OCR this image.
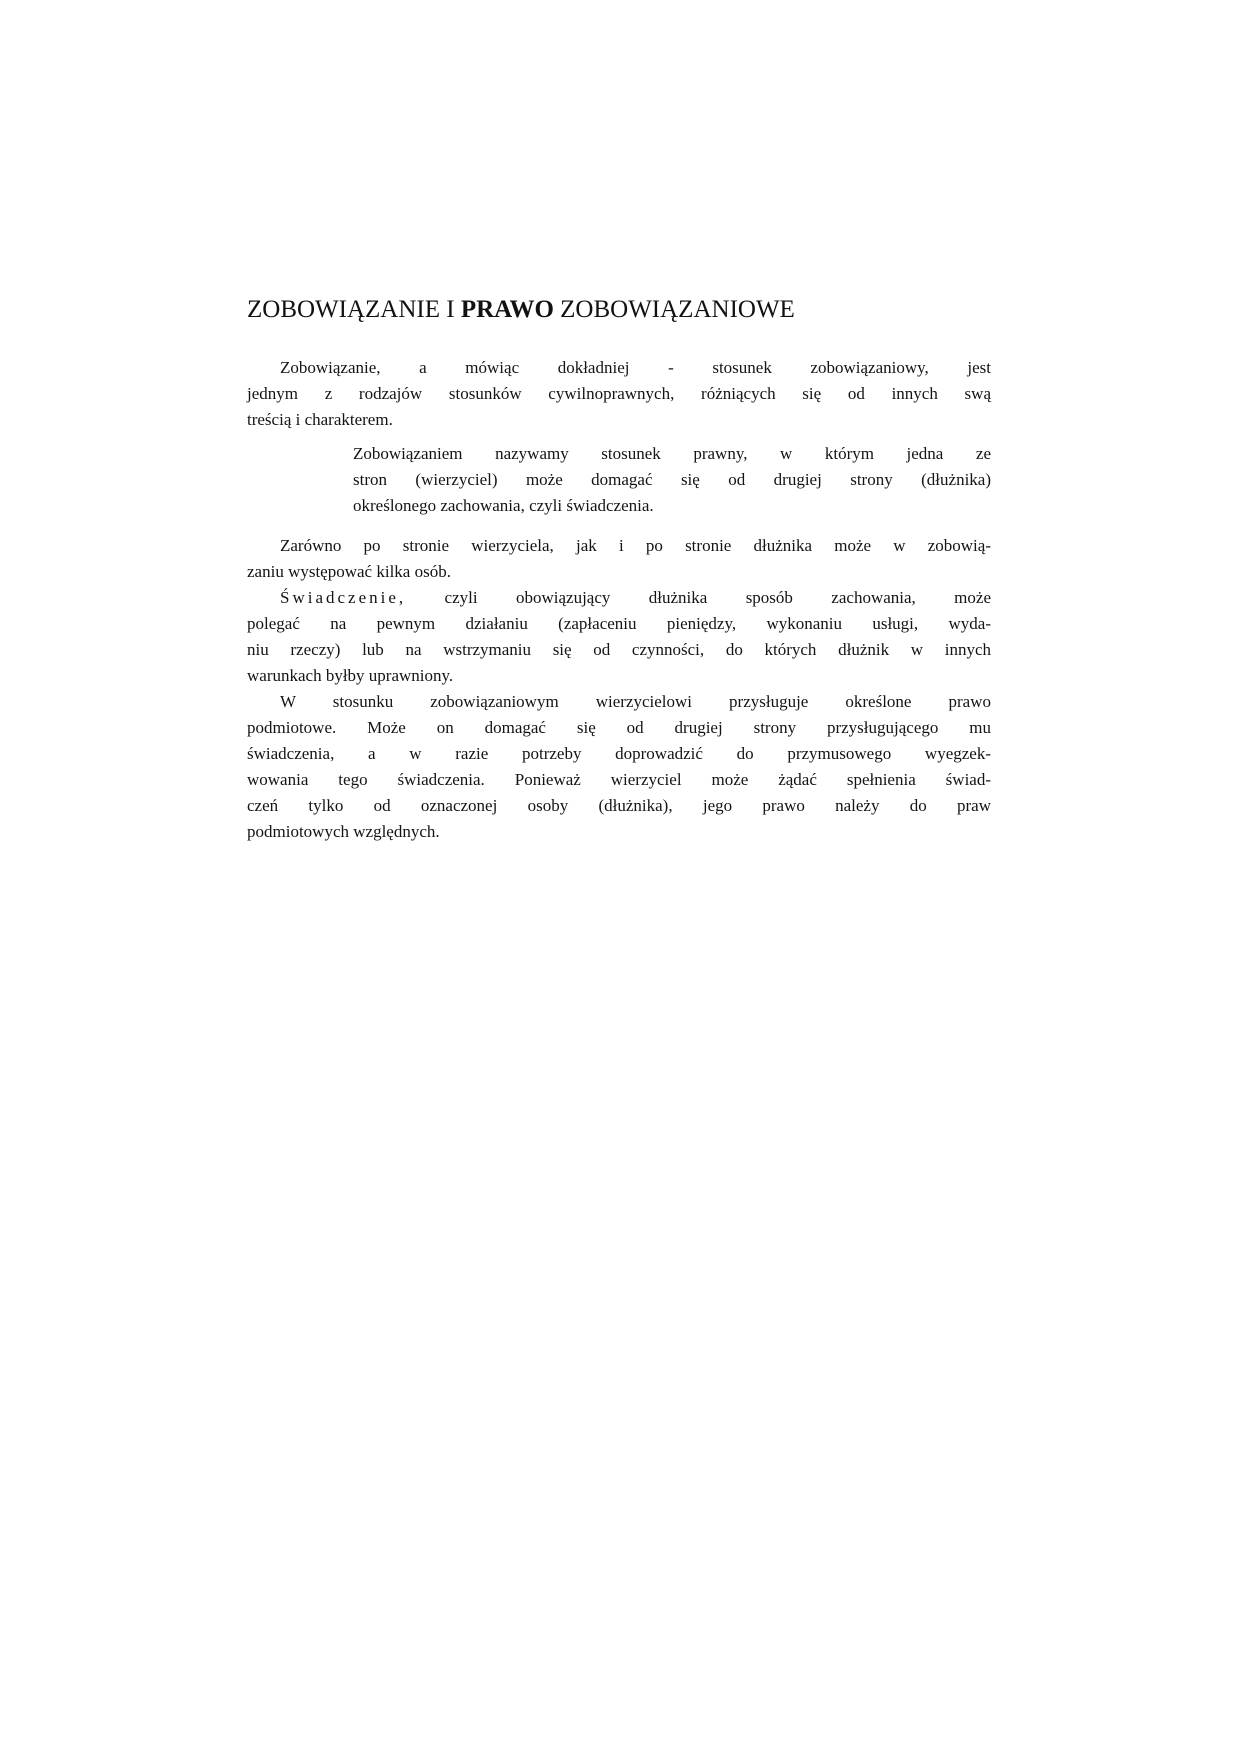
ZOBOWIĄZANIE I PRAWO ZOBOWIĄZANIOWE
Zobowiązanie, a mówiąc dokładniej - stosunek zobowiązaniowy, jest
jednym z rodzajów stosunków cywilnoprawnych, różniących się od innych swą
treścią i charakterem.
Zobowiązaniem nazywamy stosunek prawny, w którym jedna ze
stron (wierzyciel) może domagać się od drugiej strony (dłużnika)
określonego zachowania, czyli świadczenia.
Zarówno po stronie wierzyciela, jak i po stronie dłużnika może w zobowią-
zaniu występować kilka osób.
Świadczenie, czyli obowiązujący dłużnika sposób zachowania, może
polegać na pewnym działaniu (zapłaceniu pieniędzy, wykonaniu usługi, wyda-
niu rzeczy) lub na wstrzymaniu się od czynności, do których dłużnik w innych
warunkach byłby uprawniony.
W stosunku zobowiązaniowym wierzycielowi przysługuje określone prawo
podmiotowe. Może on domagać się od drugiej strony przysługującego mu
świadczenia, a w razie potrzeby doprowadzić do przymusowego wyegzek-
wowania tego świadczenia. Ponieważ wierzyciel może żądać spełnienia świad-
czeń tylko od oznaczonej osoby (dłużnika), jego prawo należy do praw
podmiotowych względnych.
